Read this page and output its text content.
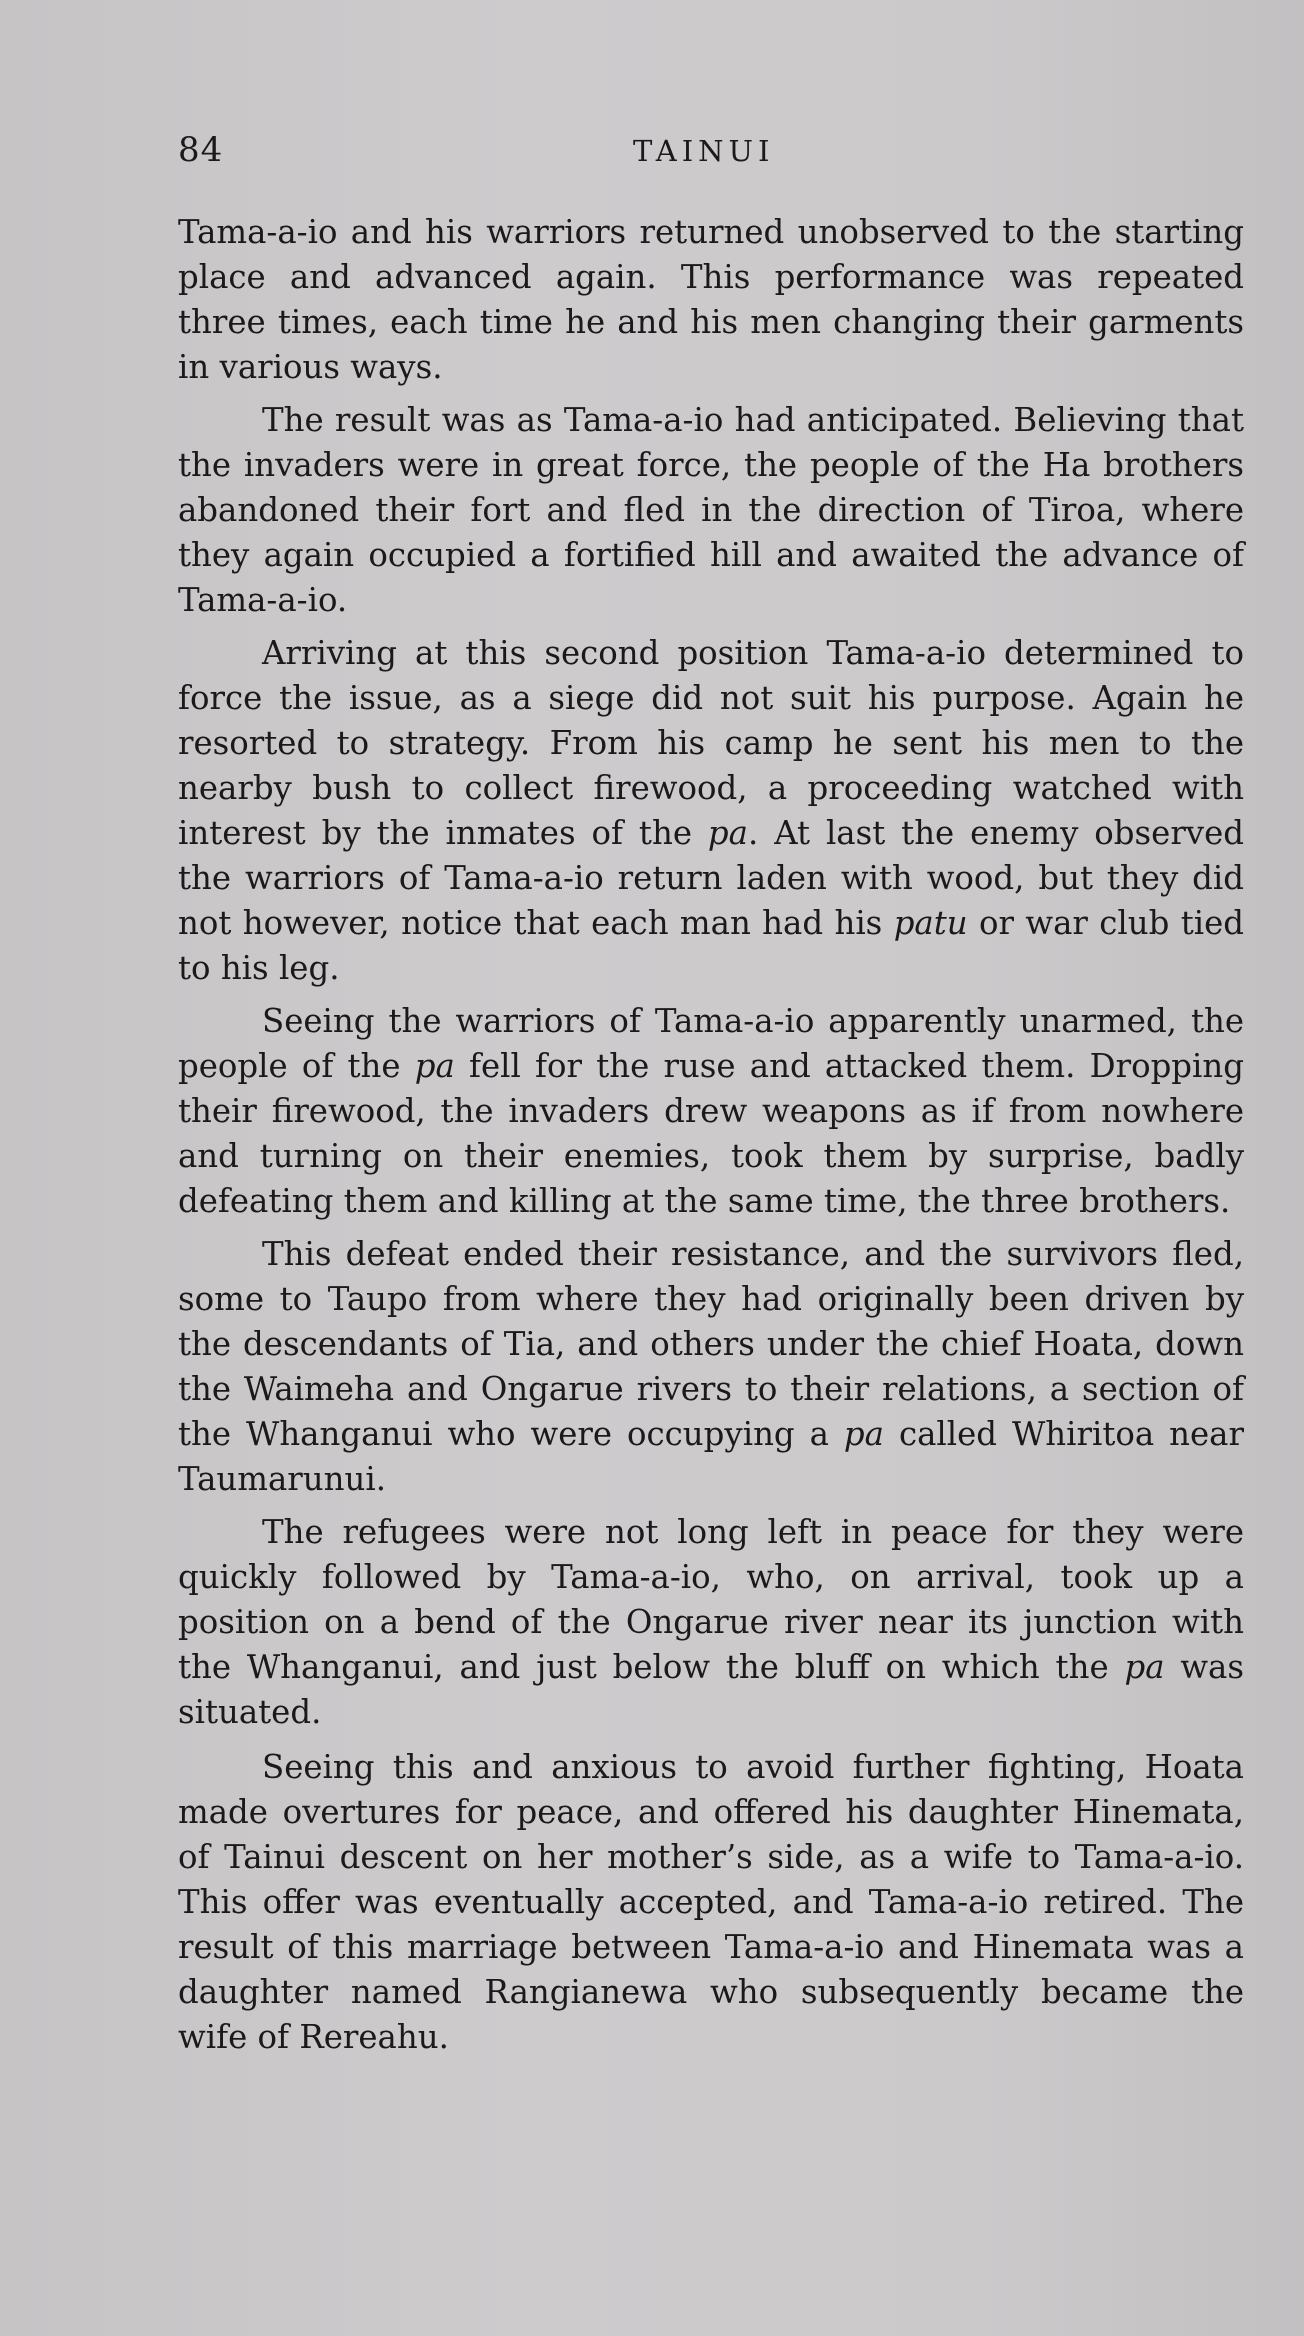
84	TAINUI

Tama-a-io and his warriors returned unobserved to the starting place and advanced again. This performance was repeated three times, each time he and his men changing their garments in various ways.

The result was as Tama-a-io had anticipated. Believing that the invaders were in great force, the people of the Ha brothers abandoned their fort and fled in the direction of Tiroa, where they again occupied a fortified hill and awaited the advance of Tama-a-io.

Arriving at this second position Tama-a-io determined to force the issue, as a siege did not suit his purpose. Again he resorted to strategy. From his camp he sent his men to the nearby bush to collect firewood, a proceeding watched with interest by the inmates of the pa. At last the enemy observed the warriors of Tama-a-io return laden with wood, but they did not however, notice that each man had his patu or war club tied to his leg.

Seeing the warriors of Tama-a-io apparently unarmed, the people of the pa fell for the ruse and attacked them. Dropping their firewood, the invaders drew weapons as if from nowhere and turning on their enemies, took them by surprise, badly defeating them and killing at the same time, the three brothers.

This defeat ended their resistance, and the survivors fled, some to Taupo from where they had originally been driven by the descendants of Tia, and others under the chief Hoata, down the Waimeha and Ongarue rivers to their relations, a section of the Whanganui who were occupying a pa called Whiritoa near Taumarunui.

The refugees were not long left in peace for they were quickly followed by Tama-a-io, who, on arrival, took up a position on a bend of the Ongarue river near its junction with the Whanganui, and just below the bluff on which the pa was situated.

Seeing this and anxious to avoid further fighting, Hoata made overtures for peace, and offered his daughter Hinemata, of Tainui descent on her mother’s side, as a wife to Tama-a-io. This offer was eventually accepted, and Tama-a-io retired. The result of this marriage between Tama-a-io and Hinemata was a daughter named Rangianewa who subsequently became the wife of Rereahu.
